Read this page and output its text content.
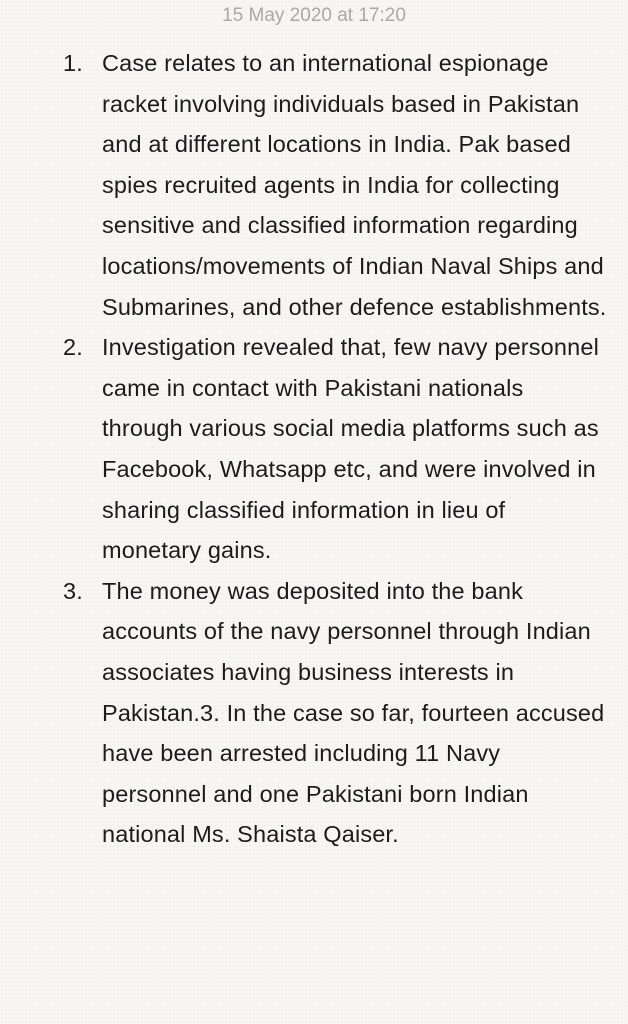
15 May 2020 at 17:20
1. Case relates to an international espionage racket involving individuals based in Pakistan and at different locations in India. Pak based spies recruited agents in India for collecting sensitive and classified information regarding locations/movements of Indian Naval Ships and Submarines, and other defence establishments.
2. Investigation revealed that, few navy personnel came in contact with Pakistani nationals through various social media platforms such as Facebook, Whatsapp etc, and were involved in sharing classified information in lieu of monetary gains.
3. The money was deposited into the bank accounts of the navy personnel through Indian associates having business interests in Pakistan.3. In the case so far, fourteen accused have been arrested including 11 Navy personnel and one Pakistani born Indian national Ms. Shaista Qaiser.
